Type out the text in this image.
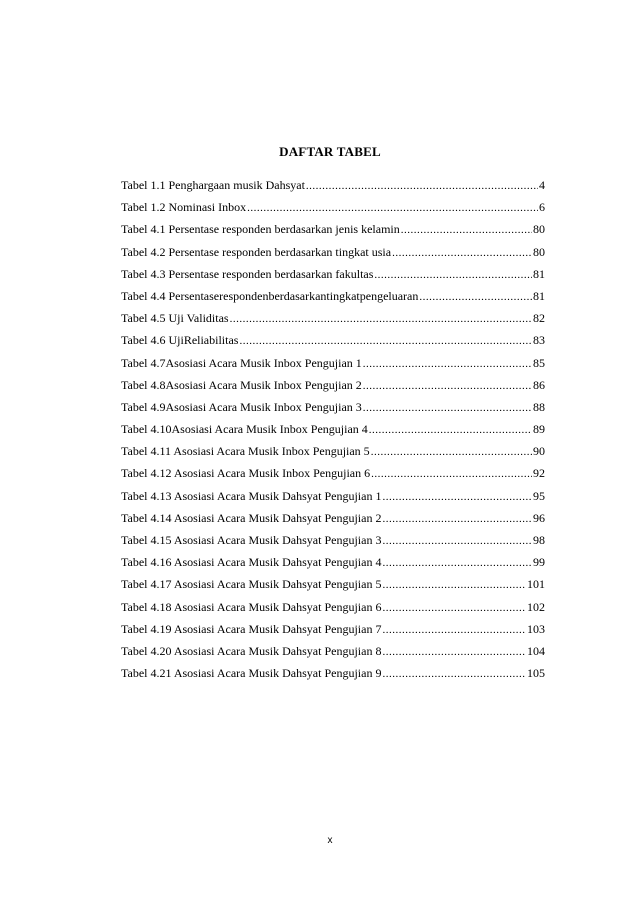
DAFTAR TABEL
Tabel 1.1 Penghargaan musik Dahsyat .....	4
Tabel 1.2 Nominasi Inbox .....	6
Tabel 4.1 Persentase responden berdasarkan jenis kelamin .....	80
Tabel 4.2 Persentase responden berdasarkan tingkat usia .....	80
Tabel 4.3 Persentase responden berdasarkan fakultas .....	81
Tabel 4.4 Persentaserespondenberdasarkantingkatpengeluaran .....	81
Tabel 4.5 Uji Validitas .....	82
Tabel 4.6 UjiReliabilitas .....	83
Tabel 4.7Asosiasi Acara Musik Inbox Pengujian 1 .....	85
Tabel 4.8Asosiasi Acara Musik Inbox Pengujian 2 .....	86
Tabel 4.9Asosiasi Acara Musik Inbox Pengujian 3 .....	88
Tabel 4.10Asosiasi Acara Musik Inbox Pengujian 4 .....	89
Tabel 4.11 Asosiasi Acara Musik Inbox Pengujian 5 .....	90
Tabel 4.12 Asosiasi Acara Musik Inbox Pengujian 6 .....	92
Tabel 4.13 Asosiasi Acara Musik Dahsyat Pengujian 1 .....	95
Tabel 4.14 Asosiasi Acara Musik Dahsyat Pengujian 2 .....	96
Tabel 4.15 Asosiasi Acara Musik Dahsyat Pengujian 3 .....	98
Tabel 4.16 Asosiasi Acara Musik Dahsyat Pengujian 4 .....	99
Tabel 4.17 Asosiasi Acara Musik Dahsyat Pengujian 5 .....	101
Tabel 4.18 Asosiasi Acara Musik Dahsyat Pengujian 6 .....	102
Tabel 4.19 Asosiasi Acara Musik Dahsyat Pengujian 7 .....	103
Tabel 4.20 Asosiasi Acara Musik Dahsyat Pengujian 8 .....	104
Tabel 4.21 Asosiasi Acara Musik Dahsyat Pengujian 9 .....	105
x
